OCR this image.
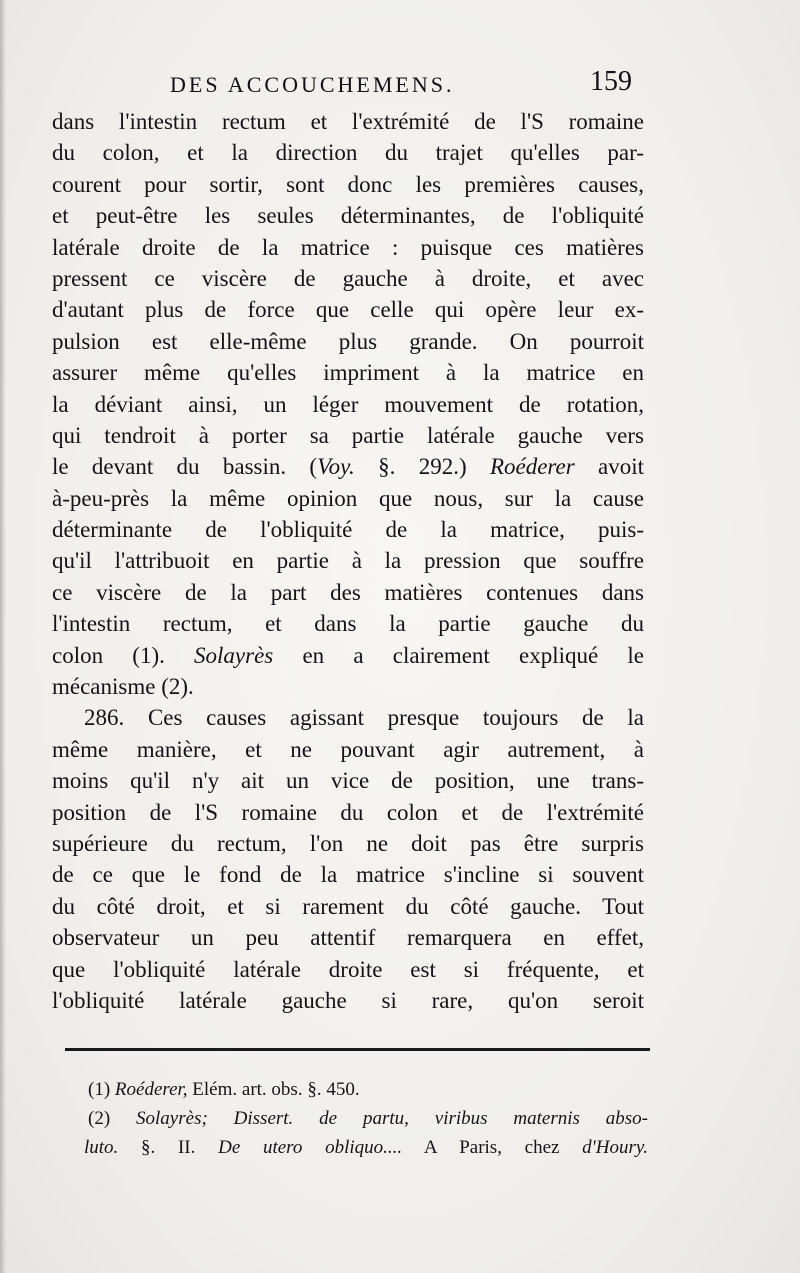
DES ACCOUCHEMENS.	159
dans l'intestin rectum et l'extrémité de l'S romaine
du colon, et la direction du trajet qu'elles par-
courent pour sortir, sont donc les premières causes,
et peut-être les seules déterminantes, de l'obliquité
latérale droite de la matrice : puisque ces matières
pressent ce viscère de gauche à droite, et avec
d'autant plus de force que celle qui opère leur ex-
pulsion est elle-même plus grande. On pourroit
assurer même qu'elles impriment à la matrice en
la déviant ainsi, un léger mouvement de rotation,
qui tendroit à porter sa partie latérale gauche vers
le devant du bassin. (Voy. §. 292.) Roéderer avoit
à-peu-près la même opinion que nous, sur la cause
déterminante de l'obliquité de la matrice, puis-
qu'il l'attribuoit en partie à la pression que souffre
ce viscère de la part des matières contenues dans
l'intestin rectum, et dans la partie gauche du
colon (1). Solayrès en a clairement expliqué le
mécanisme (2).
286. Ces causes agissant presque toujours de la
même manière, et ne pouvant agir autrement, à
moins qu'il n'y ait un vice de position, une trans-
position de l'S romaine du colon et de l'extrémité
supérieure du rectum, l'on ne doit pas être surpris
de ce que le fond de la matrice s'incline si souvent
du côté droit, et si rarement du côté gauche. Tout
observateur un peu attentif remarquera en effet,
que l'obliquité latérale droite est si fréquente, et
l'obliquité latérale gauche si rare, qu'on seroit
(1) Roéderer, Elém. art. obs. §. 450.
(2) Solayrès; Dissert. de partu, viribus maternis abso-
luto. §. II. De utero obliquo.... A Paris, chez d'Houry.
